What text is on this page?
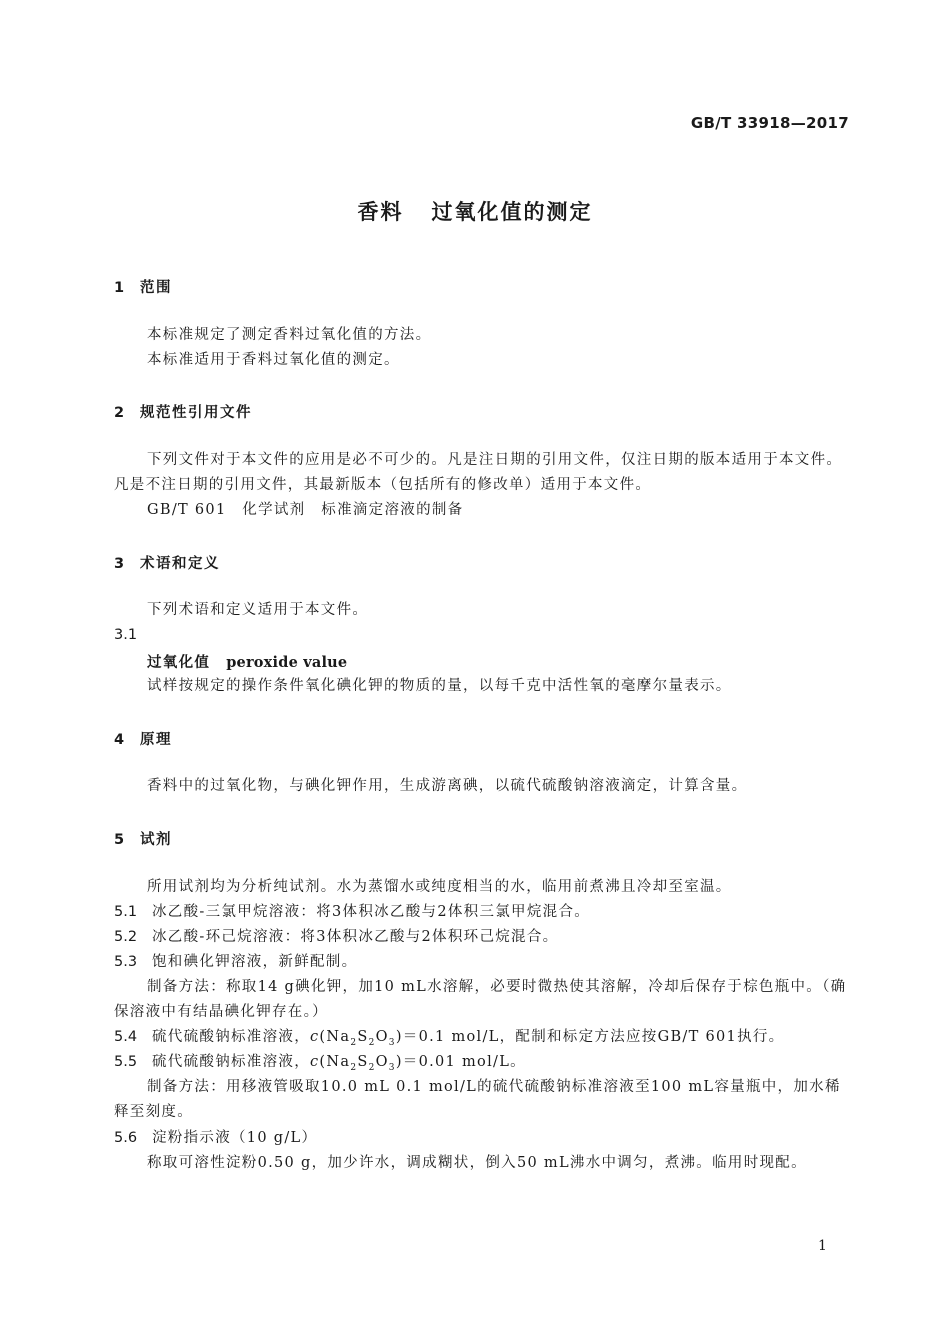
GB/T 33918—2017
香料 过氧化值的测定
1 范围
本标准规定了测定香料过氧化值的方法。
本标准适用于香料过氧化值的测定。
2 规范性引用文件
下列文件对于本文件的应用是必不可少的。凡是注日期的引用文件，仅注日期的版本适用于本文件。凡是不注日期的引用文件，其最新版本（包括所有的修改单）适用于本文件。
GB/T 601　化学试剂　标准滴定溶液的制备
3 术语和定义
下列术语和定义适用于本文件。
3.1
过氧化值 peroxide value
试样按规定的操作条件氧化碘化钾的物质的量，以每千克中活性氧的毫摩尔量表示。
4 原理
香料中的过氧化物，与碘化钾作用，生成游离碘，以硫代硫酸钠溶液滴定，计算含量。
5 试剂
所用试剂均为分析纯试剂。水为蒸馏水或纯度相当的水，临用前煮沸且冷却至室温。
5.1 冰乙酸-三氯甲烷溶液：将3体积冰乙酸与2体积三氯甲烷混合。
5.2 冰乙酸-环己烷溶液：将3体积冰乙酸与2体积环己烷混合。
5.3 饱和碘化钾溶液，新鲜配制。
制备方法：称取14 g碘化钾，加10 mL水溶解，必要时微热使其溶解，冷却后保存于棕色瓶中。（确保溶液中有结晶碘化钾存在。）
5.4 硫代硫酸钠标准溶液，$c(Na_2S_2O_3)=0.1$ mol/L，配制和标定方法应按GB/T 601执行。
5.5 硫代硫酸钠标准溶液，$c(Na_2S_2O_3)=0.01$ mol/L。
制备方法：用移液管吸取10.0 mL 0.1 mol/L的硫代硫酸钠标准溶液至100 mL容量瓶中，加水稀释至刻度。
5.6 淀粉指示液（10 g/L）
称取可溶性淀粉0.50 g，加少许水，调成糊状，倒入50 mL沸水中调匀，煮沸。临用时现配。
1
